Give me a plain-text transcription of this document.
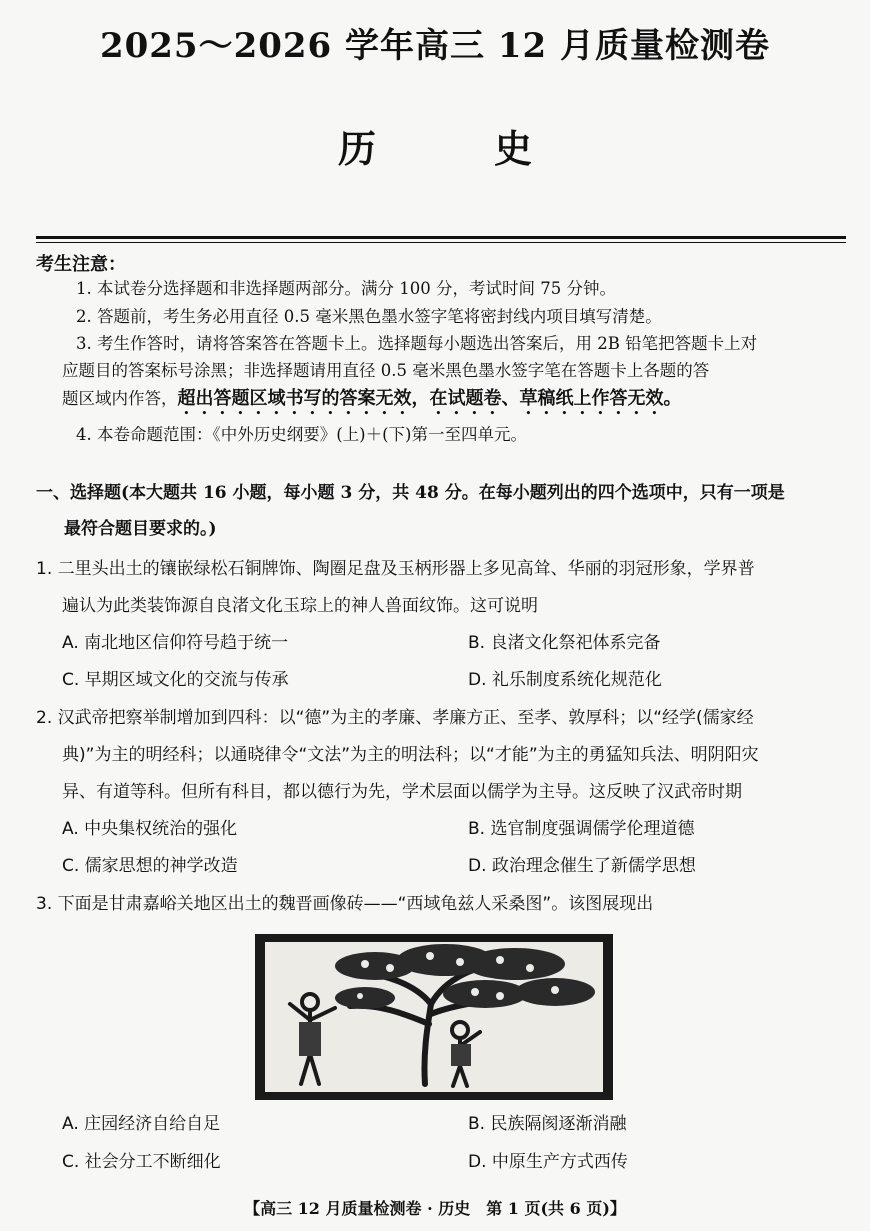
2025～2026 学年高三 12 月质量检测卷
历史
考生注意：
1. 本试卷分选择题和非选择题两部分。满分 100 分，考试时间 75 分钟。
2. 答题前，考生务必用直径 0.5 毫米黑色墨水签字笔将密封线内项目填写清楚。
3. 考生作答时，请将答案答在答题卡上。选择题每小题选出答案后，用 2B 铅笔把答题卡上对
应题目的答案标号涂黑；非选择题请用直径 0.5 毫米黑色墨水签字笔在答题卡上各题的答
题区域内作答，超出答题区域书写的答案无效，在试题卷、草稿纸上作答无效。
4. 本卷命题范围：《中外历史纲要》(上)＋(下)第一至四单元。
一、选择题(本大题共 16 小题，每小题 3 分，共 48 分。在每小题列出的四个选项中，只有一项是
最符合题目要求的。)
1. 二里头出土的镶嵌绿松石铜牌饰、陶圈足盘及玉柄形器上多见高耸、华丽的羽冠形象，学界普
遍认为此类装饰源自良渚文化玉琮上的神人兽面纹饰。这可说明
A. 南北地区信仰符号趋于统一	B. 良渚文化祭祀体系完备
C. 早期区域文化的交流与传承	D. 礼乐制度系统化规范化
2. 汉武帝把察举制增加到四科：以“德”为主的孝廉、孝廉方正、至孝、敦厚科；以“经学(儒家经
典)”为主的明经科；以通晓律令“文法”为主的明法科；以“才能”为主的勇猛知兵法、明阴阳灾
异、有道等科。但所有科目，都以德行为先，学术层面以儒学为主导。这反映了汉武帝时期
A. 中央集权统治的强化	B. 选官制度强调儒学伦理道德
C. 儒家思想的神学改造	D. 政治理念催生了新儒学思想
3. 下面是甘肃嘉峪关地区出土的魏晋画像砖——“西域龟兹人采桑图”。该图展现出
A. 庄园经济自给自足	B. 民族隔阂逐渐消融
C. 社会分工不断细化	D. 中原生产方式西传
【高三 12 月质量检测卷 · 历史　第 1 页(共 6 页)】
